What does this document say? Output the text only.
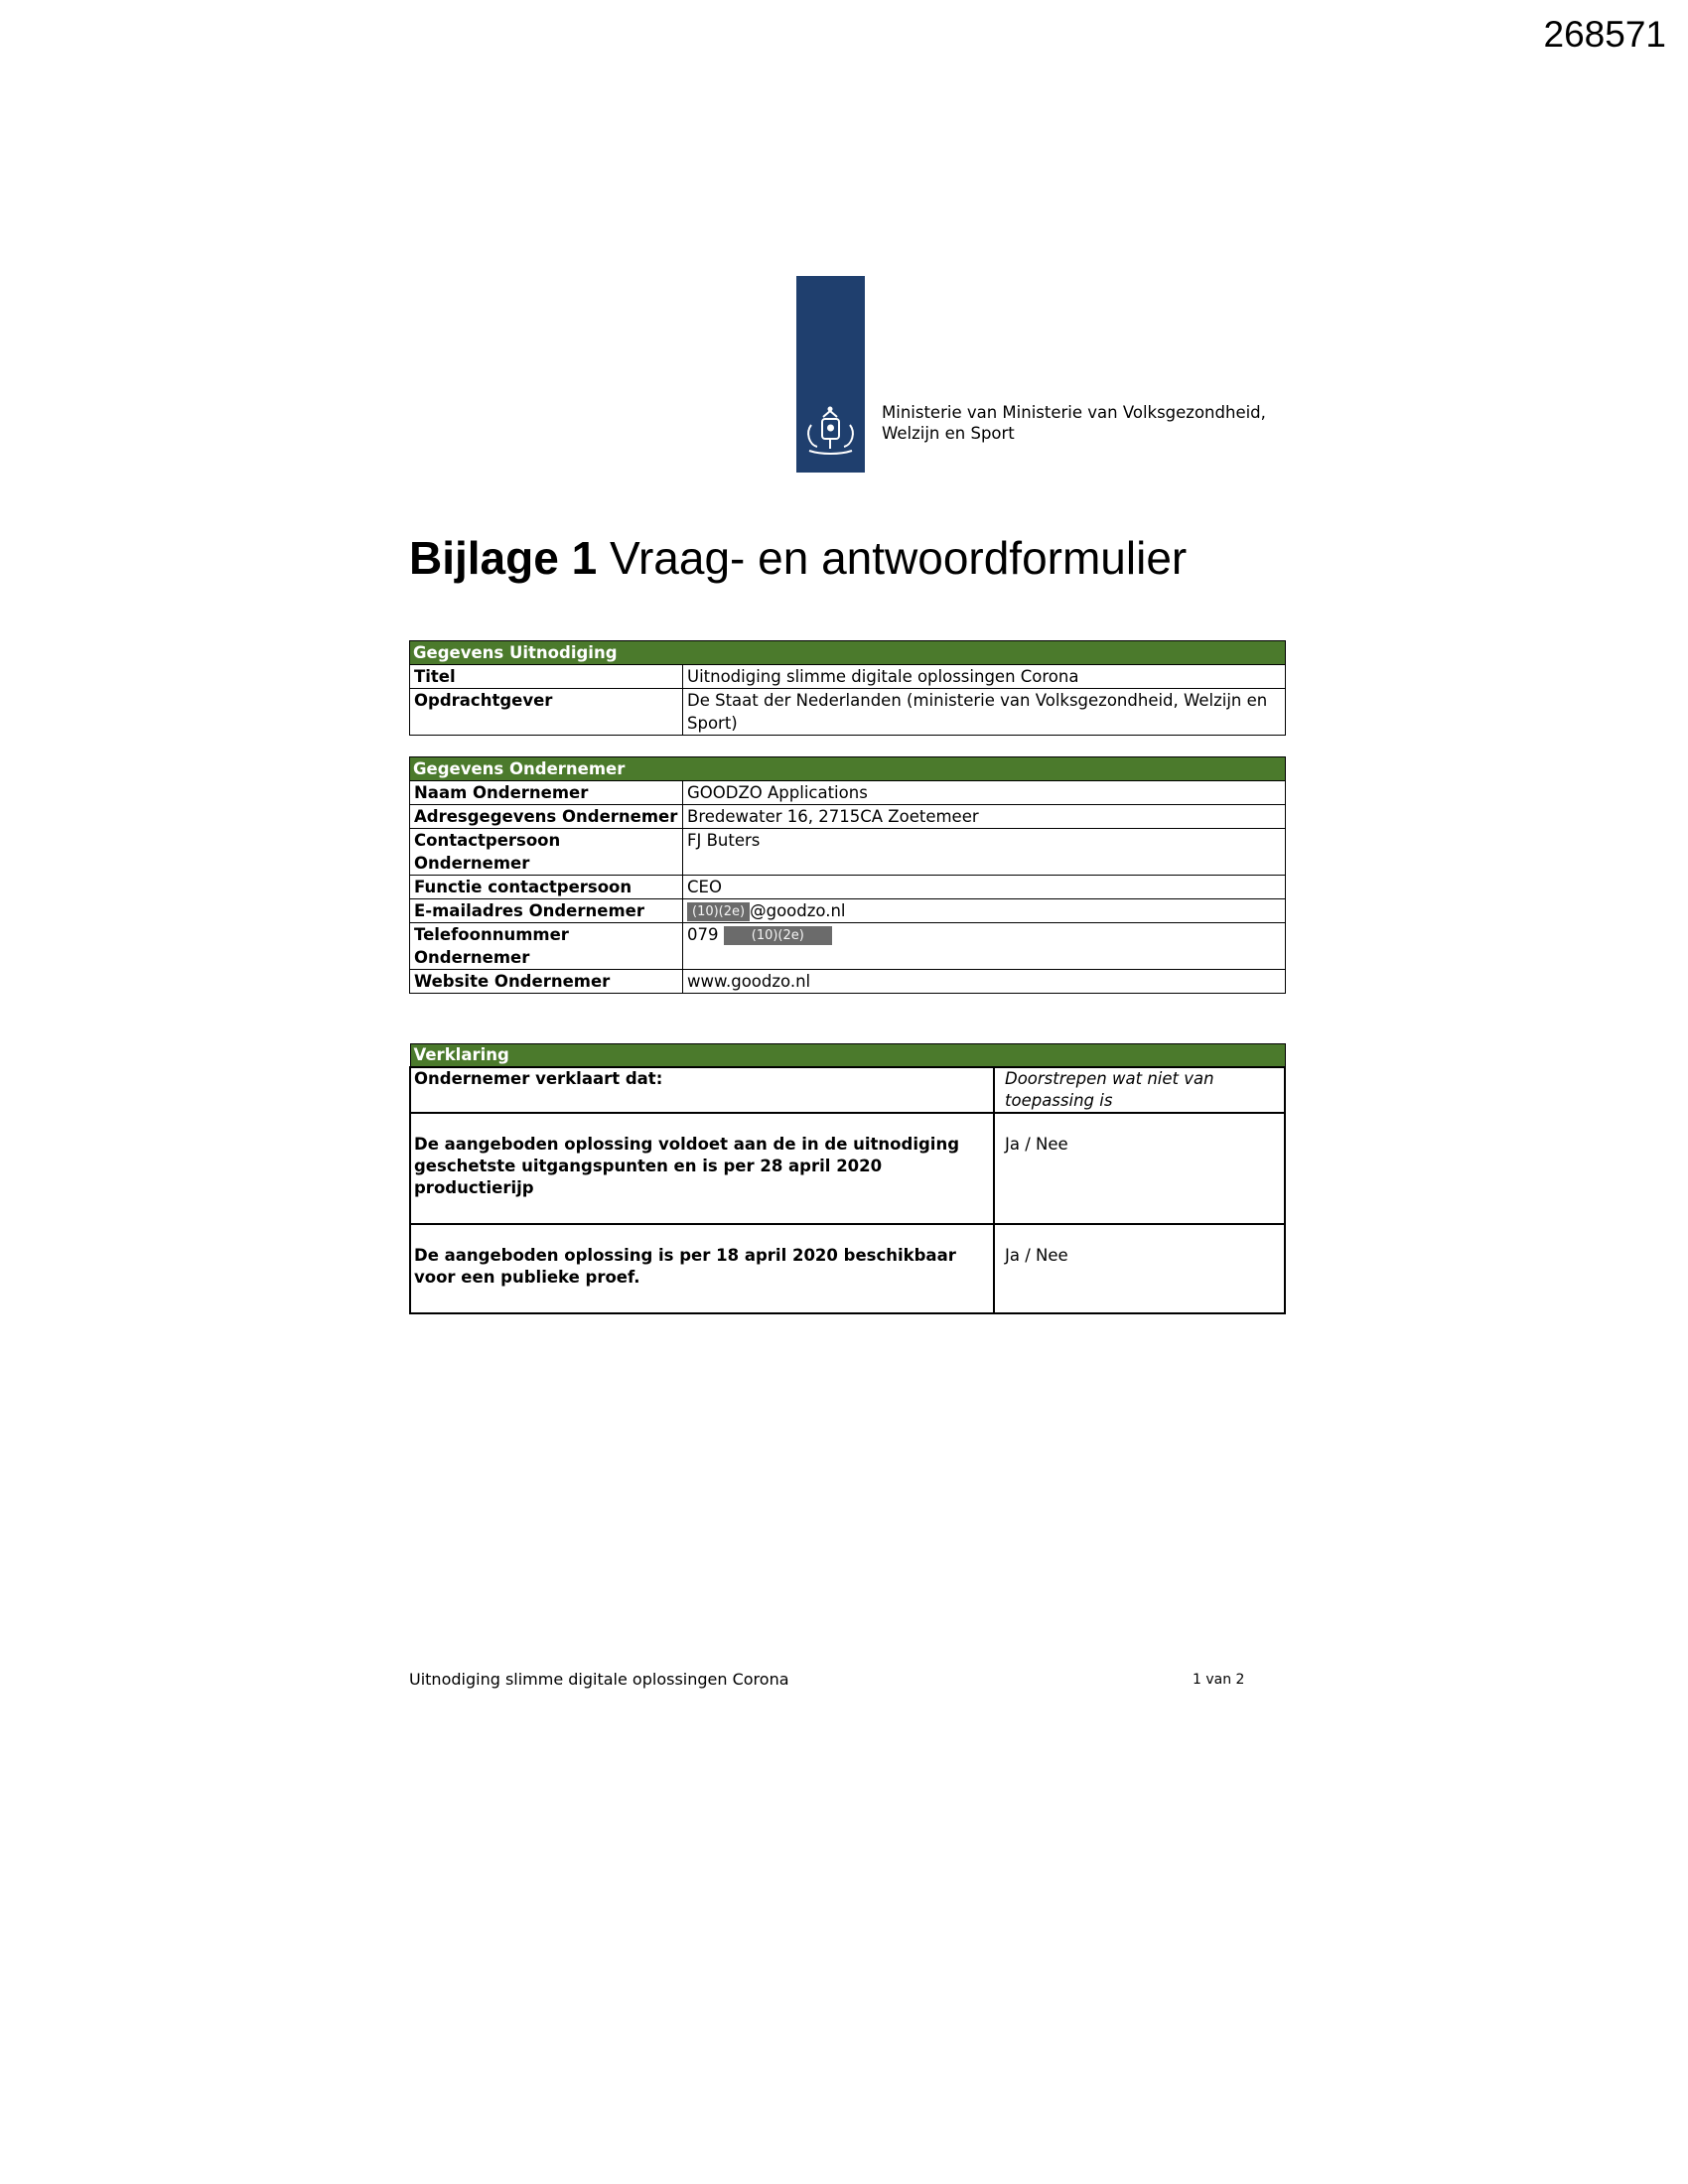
268571
Ministerie van Ministerie van Volksgezondheid,
Welzijn en Sport
Bijlage 1 Vraag- en antwoordformulier
Gegevens Uitnodiging	
Titel	Uitnodiging slimme digitale oplossingen Corona
Opdrachtgever	De Staat der Nederlanden (ministerie van Volksgezondheid, Welzijn en Sport)
Gegevens Ondernemer	
Naam Ondernemer	GOODZO Applications
Adresgegevens Ondernemer	Bredewater 16, 2715CA Zoetemeer
Contactpersoon Ondernemer	FJ Buters
Functie contactpersoon	CEO
E-mailadres Ondernemer	(10)(2e) @goodzo.nl
Telefoonnummer Ondernemer	079 (10)(2e)
Website Ondernemer	www.goodzo.nl
Verklaring	
Ondernemer verklaart dat:	Doorstrepen wat niet van toepassing is
De aangeboden oplossing voldoet aan de in de uitnodiging geschetste uitgangspunten en is per 28 april 2020 productierijp	Ja / Nee
De aangeboden oplossing is per 18 april 2020 beschikbaar voor een publieke proef.	Ja / Nee
Uitnodiging slimme digitale oplossingen Corona	1 van 2
